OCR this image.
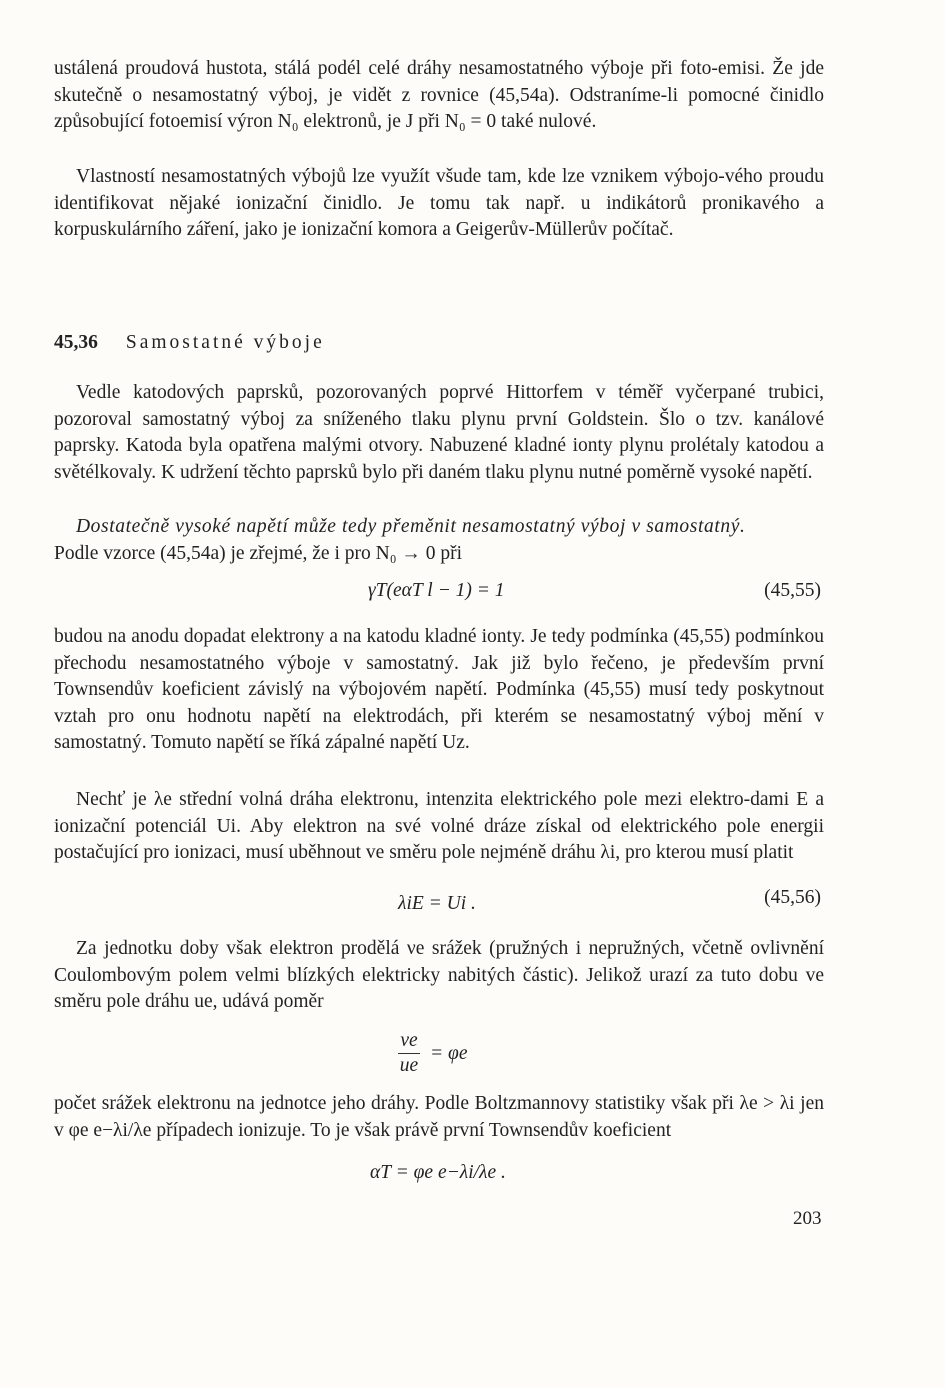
ustálená proudová hustota, stálá podél celé dráhy nesamostatného výboje při foto-emisi. Že jde skutečně o nesamostatný výboj, je vidět z rovnice (45,54a). Odstraníme-li pomocné činidlo způsobující fotoemisí výron N₀ elektronů, je J při N₀ = 0 také nulové.

Vlastností nesamostatných výbojů lze využít všude tam, kde lze vznikem výbojo-vého proudu identifikovat nějaké ionizační činidlo. Je tomu tak např. u indikátorů pronikavého a korpuskulárního záření, jako je ionizační komora a Geigerův-Müllerův počítač.

45,36 Samostatné výboje

Vedle katodových paprsků, pozorovaných poprvé Hittorfem v téměř vyčerpané trubici, pozoroval samostatný výboj za sníženého tlaku plynu první Goldstein. Šlo o tzv. kanálové paprsky. Katoda byla opatřena malými otvory. Nabuzené kladné ionty plynu prolétaly katodou a světélkovaly. K udržení těchto paprsků bylo při daném tlaku plynu nutné poměrně vysoké napětí.

Dostatečně vysoké napětí může tedy přeměnit nesamostatný výboj v samostatný.

Podle vzorce (45,54a) je zřejmé, že i pro N₀ → 0 při

γT(eαT l − 1) = 1	(45,55)

budou na anodu dopadat elektrony a na katodu kladné ionty. Je tedy podmínka (45,55) podmínkou přechodu nesamostatného výboje v samostatný. Jak již bylo řečeno, je především první Townsendův koeficient závislý na výbojovém napětí. Podmínka (45,55) musí tedy poskytnout vztah pro onu hodnotu napětí na elektrodách, při kterém se nesamostatný výboj mění v samostatný. Tomuto napětí se říká zápalné napětí Uz.

Nechť je λe střední volná dráha elektronu, intenzita elektrického pole mezi elektro-dami E a ionizační potenciál Ui. Aby elektron na své volné dráze získal od elektrického pole energii postačující pro ionizaci, musí uběhnout ve směru pole nejméně dráhu λi, pro kterou musí platit

λiE = Ui .	(45,56)

Za jednotku doby však elektron prodělá νe srážek (pružných i nepružných, včetně ovlivnění Coulombovým polem velmi blízkých elektricky nabitých částic). Jelikož urazí za tuto dobu ve směru pole dráhu ue, udává poměr

νe
ue
= φe

počet srážek elektronu na jednotce jeho dráhy. Podle Boltzmannovy statistiky však při λe > λi jen v φe e−λi/λe případech ionizuje. To je však právě první Townsendův koeficient

αT = φe e−λi/λe .
203
